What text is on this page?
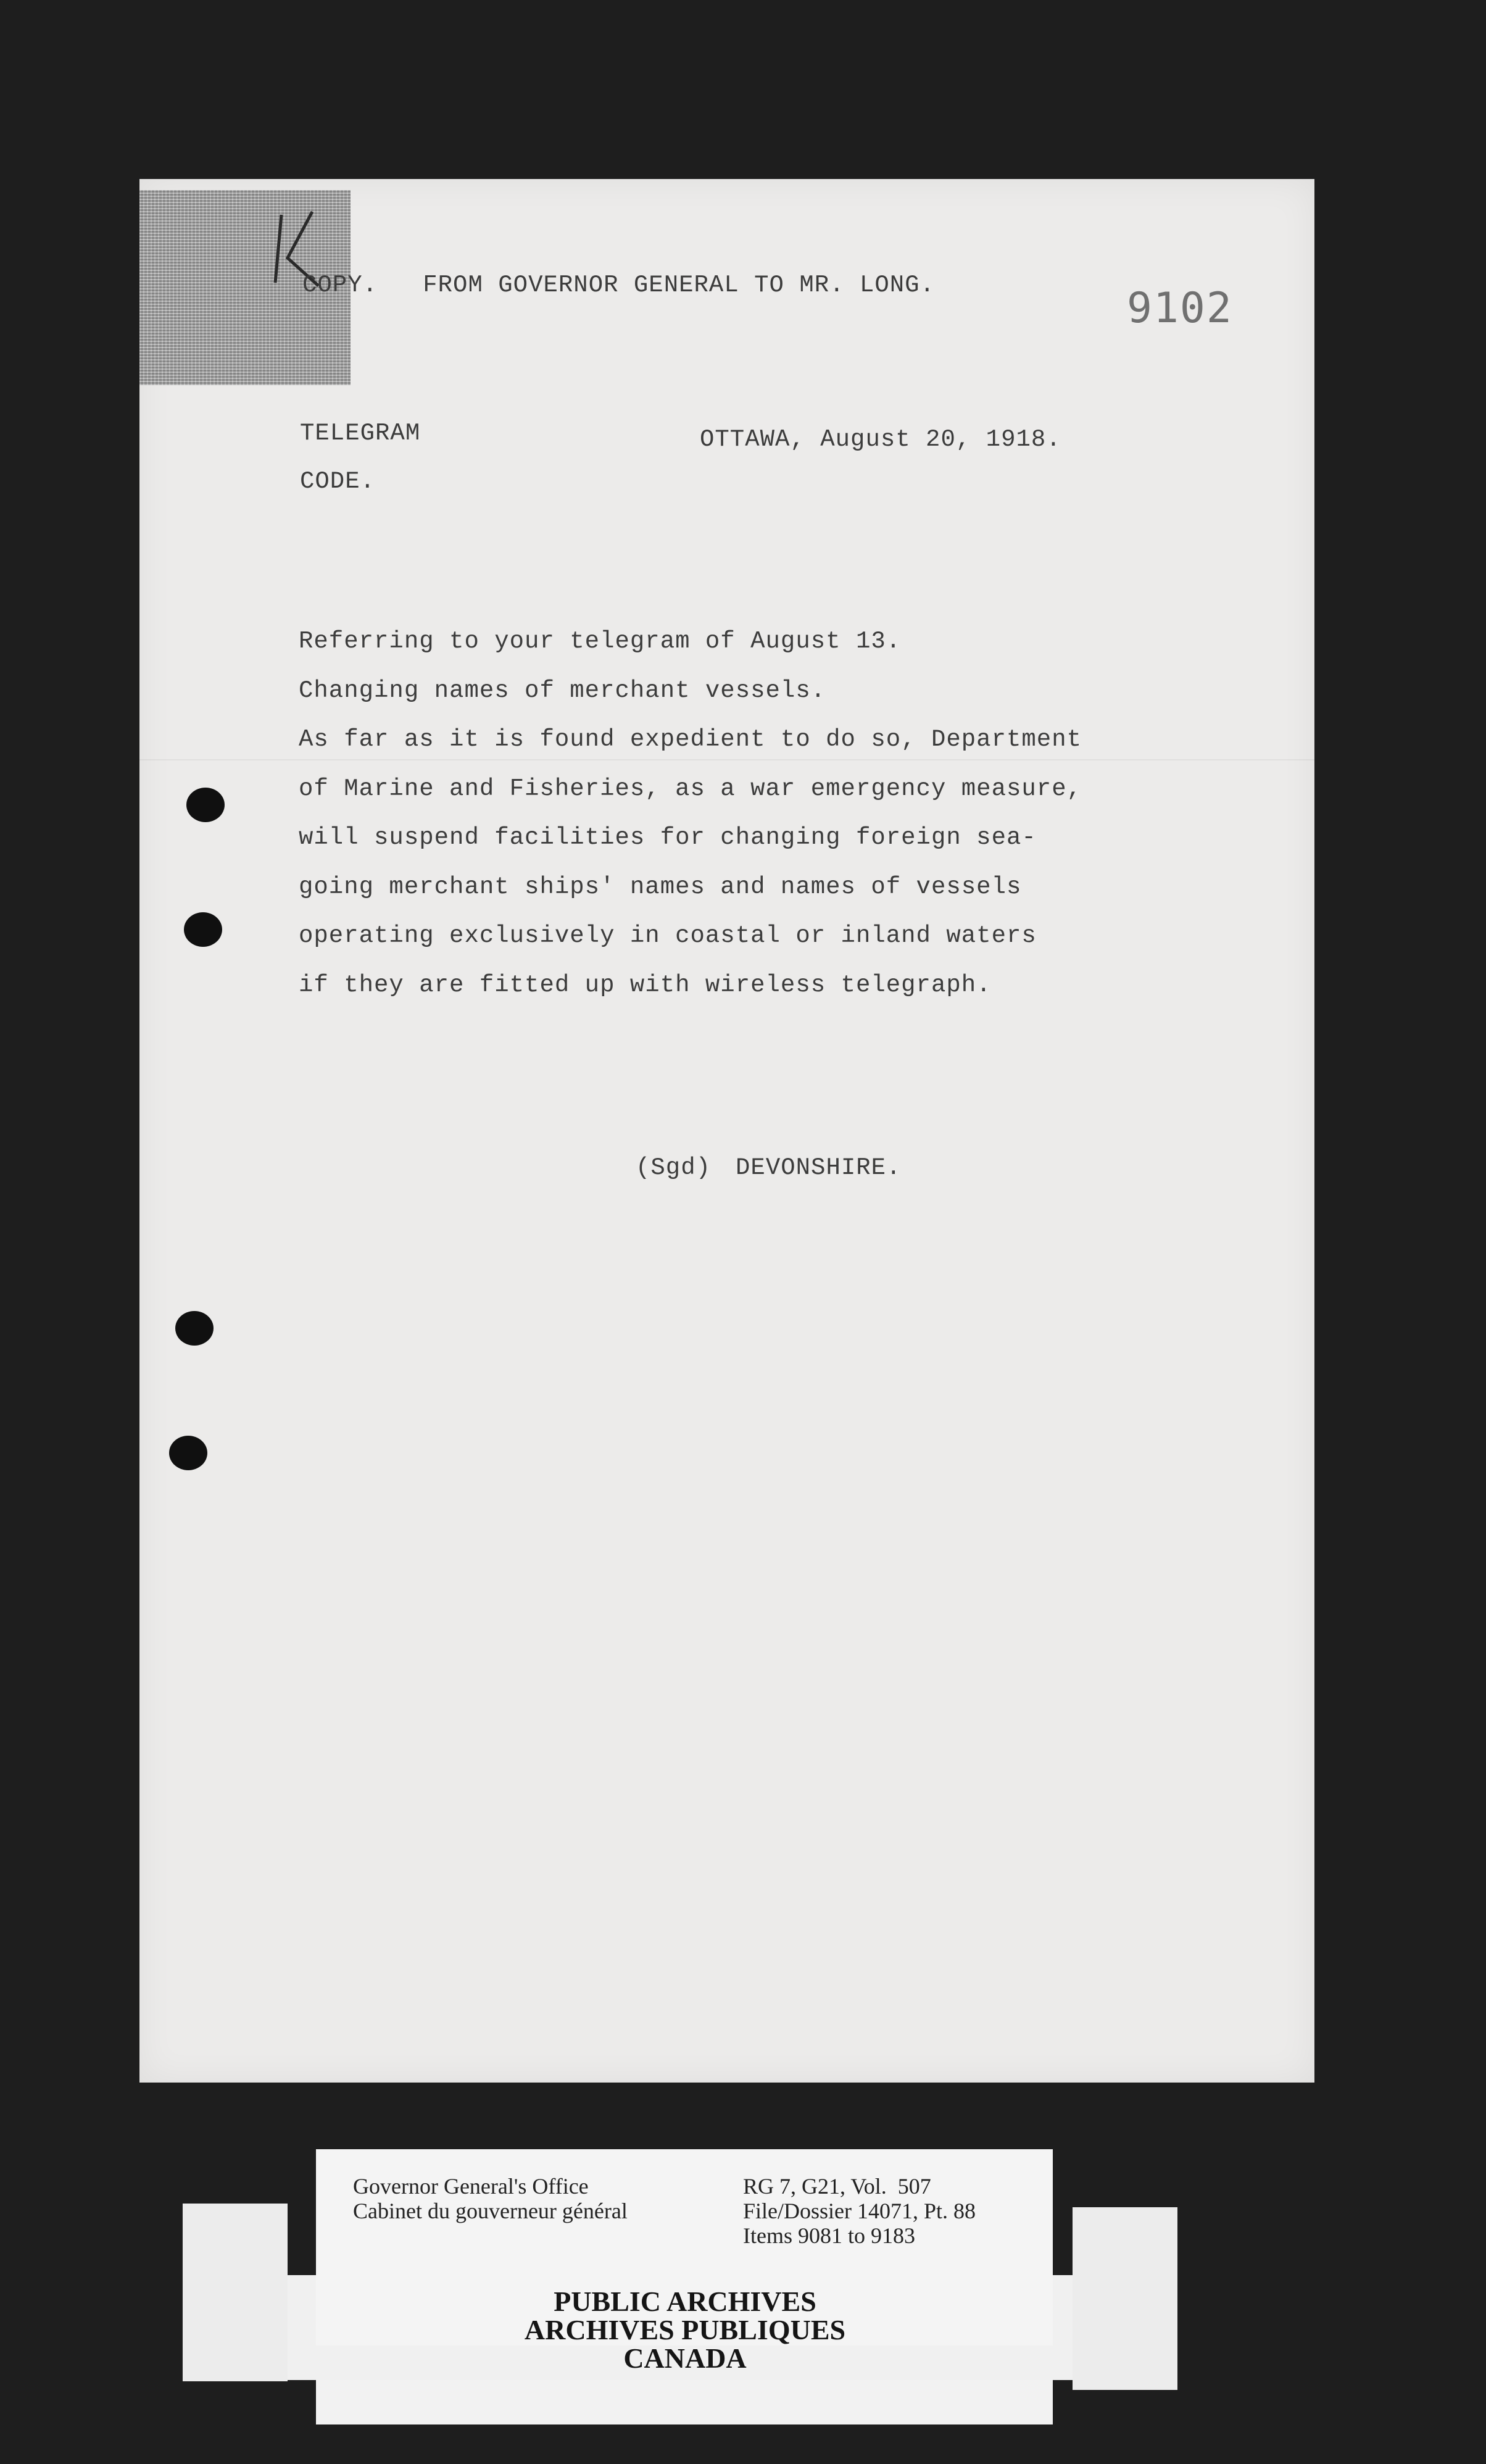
9102
COPY. FROM GOVERNOR GENERAL TO MR. LONG.
TELEGRAM
CODE.
OTTAWA, August 20, 1918.
Referring to your telegram of August 13.
Changing names of merchant vessels.
As far as it is found expedient to do so, Department
of Marine and Fisheries, as a war emergency measure,
will suspend facilities for changing foreign sea-
going merchant ships' names and names of vessels
operating exclusively in coastal or inland waters
if they are fitted up with wireless telegraph.
(Sgd) DEVONSHIRE.
Governor General's Office
Cabinet du gouverneur général
RG 7, G21, Vol.  507
File/Dossier 14071, Pt. 88
Items 9081 to 9183
PUBLIC ARCHIVES
ARCHIVES PUBLIQUES
CANADA
